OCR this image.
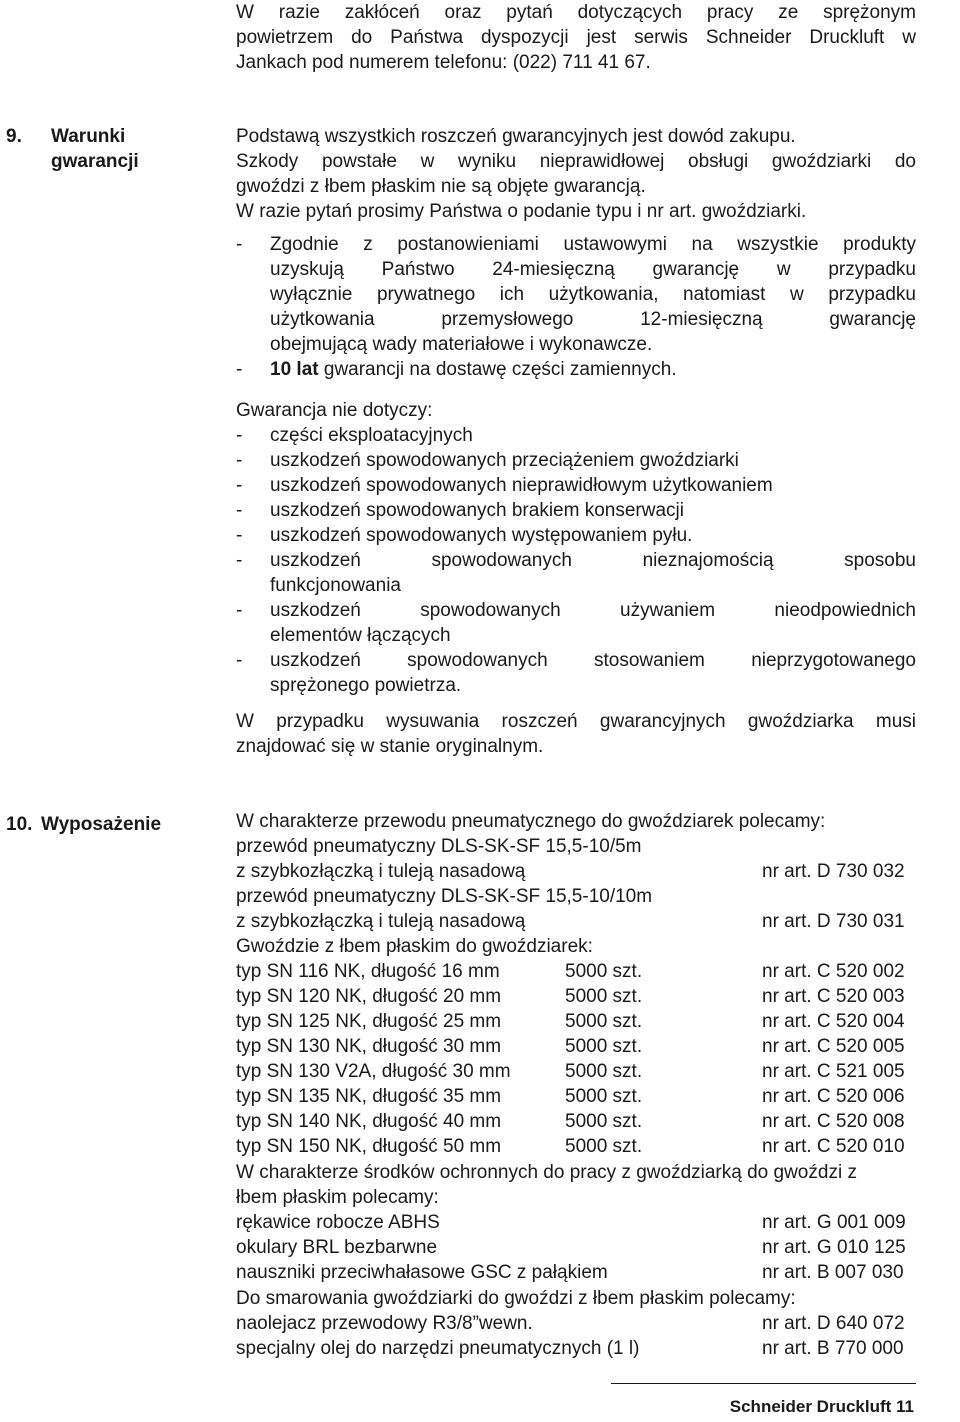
W razie zakłóceń oraz pytań dotyczących pracy ze sprężonym
powietrzem do Państwa dyspozycji jest serwis Schneider Druckluft w
Jankach pod numerem telefonu: (022) 711 41 67.
9. Warunki
gwarancji
Podstawą wszystkich roszczeń gwarancyjnych jest dowód zakupu.
Szkody powstałe w wyniku nieprawidłowej obsługi gwoździarki do
gwoździ z łbem płaskim nie są objęte gwarancją.
W razie pytań prosimy Państwa o podanie typu i nr art. gwoździarki.
- Zgodnie z postanowieniami ustawowymi na wszystkie produkty
uzyskują Państwo 24-miesięczną gwarancję w przypadku
wyłącznie prywatnego ich użytkowania, natomiast w przypadku
użytkowania przemysłowego 12-miesięczną gwarancję
obejmującą wady materiałowe i wykonawcze.
- 10 lat gwarancji na dostawę części zamiennych.
Gwarancja nie dotyczy:
- części eksploatacyjnych
- uszkodzeń spowodowanych przeciążeniem gwoździarki
- uszkodzeń spowodowanych nieprawidłowym użytkowaniem
- uszkodzeń spowodowanych brakiem konserwacji
- uszkodzeń spowodowanych występowaniem pyłu.
- uszkodzeń spowodowanych nieznajomością sposobu
funkcjonowania
- uszkodzeń spowodowanych używaniem nieodpowiednich
elementów łączących
- uszkodzeń spowodowanych stosowaniem nieprzygotowanego
sprężonego powietrza.
W przypadku wysuwania roszczeń gwarancyjnych gwoździarka musi
znajdować się w stanie oryginalnym.
10. Wyposażenie	W charakterze przewodu pneumatycznego do gwoździarek polecamy:
przewód pneumatyczny DLS-SK-SF 15,5-10/5m
z szybkozłączką i tuleją nasadową	nr art. D 730 032
przewód pneumatyczny DLS-SK-SF 15,5-10/10m
z szybkozłączką i tuleją nasadową	nr art. D 730 031
Gwoździe z łbem płaskim do gwoździarek:
typ SN 116 NK, długość 16 mm	5000 szt.	nr art. C 520 002
typ SN 120 NK, długość 20 mm	5000 szt.	nr art. C 520 003
typ SN 125 NK, długość 25 mm	5000 szt.	nr art. C 520 004
typ SN 130 NK, długość 30 mm	5000 szt.	nr art. C 520 005
typ SN 130 V2A, długość 30 mm	5000 szt.	nr art. C 521 005
typ SN 135 NK, długość 35 mm	5000 szt.	nr art. C 520 006
typ SN 140 NK, długość 40 mm	5000 szt.	nr art. C 520 008
typ SN 150 NK, długość 50 mm	5000 szt.	nr art. C 520 010
W charakterze środków ochronnych do pracy z gwoździarką do gwoździ z
łbem płaskim polecamy:
rękawice robocze ABHS	nr art. G 001 009
okulary BRL bezbarwne	nr art. G 010 125
nauszniki przeciwhałasowe GSC z pałąkiem	nr art. B 007 030
Do smarowania gwoździarki do gwoździ z łbem płaskim polecamy:
naolejacz przewodowy R3/8”wewn.	nr art. D 640 072
specjalny olej do narzędzi pneumatycznych (1 l)	nr art. B 770 000
Schneider Druckluft 11
